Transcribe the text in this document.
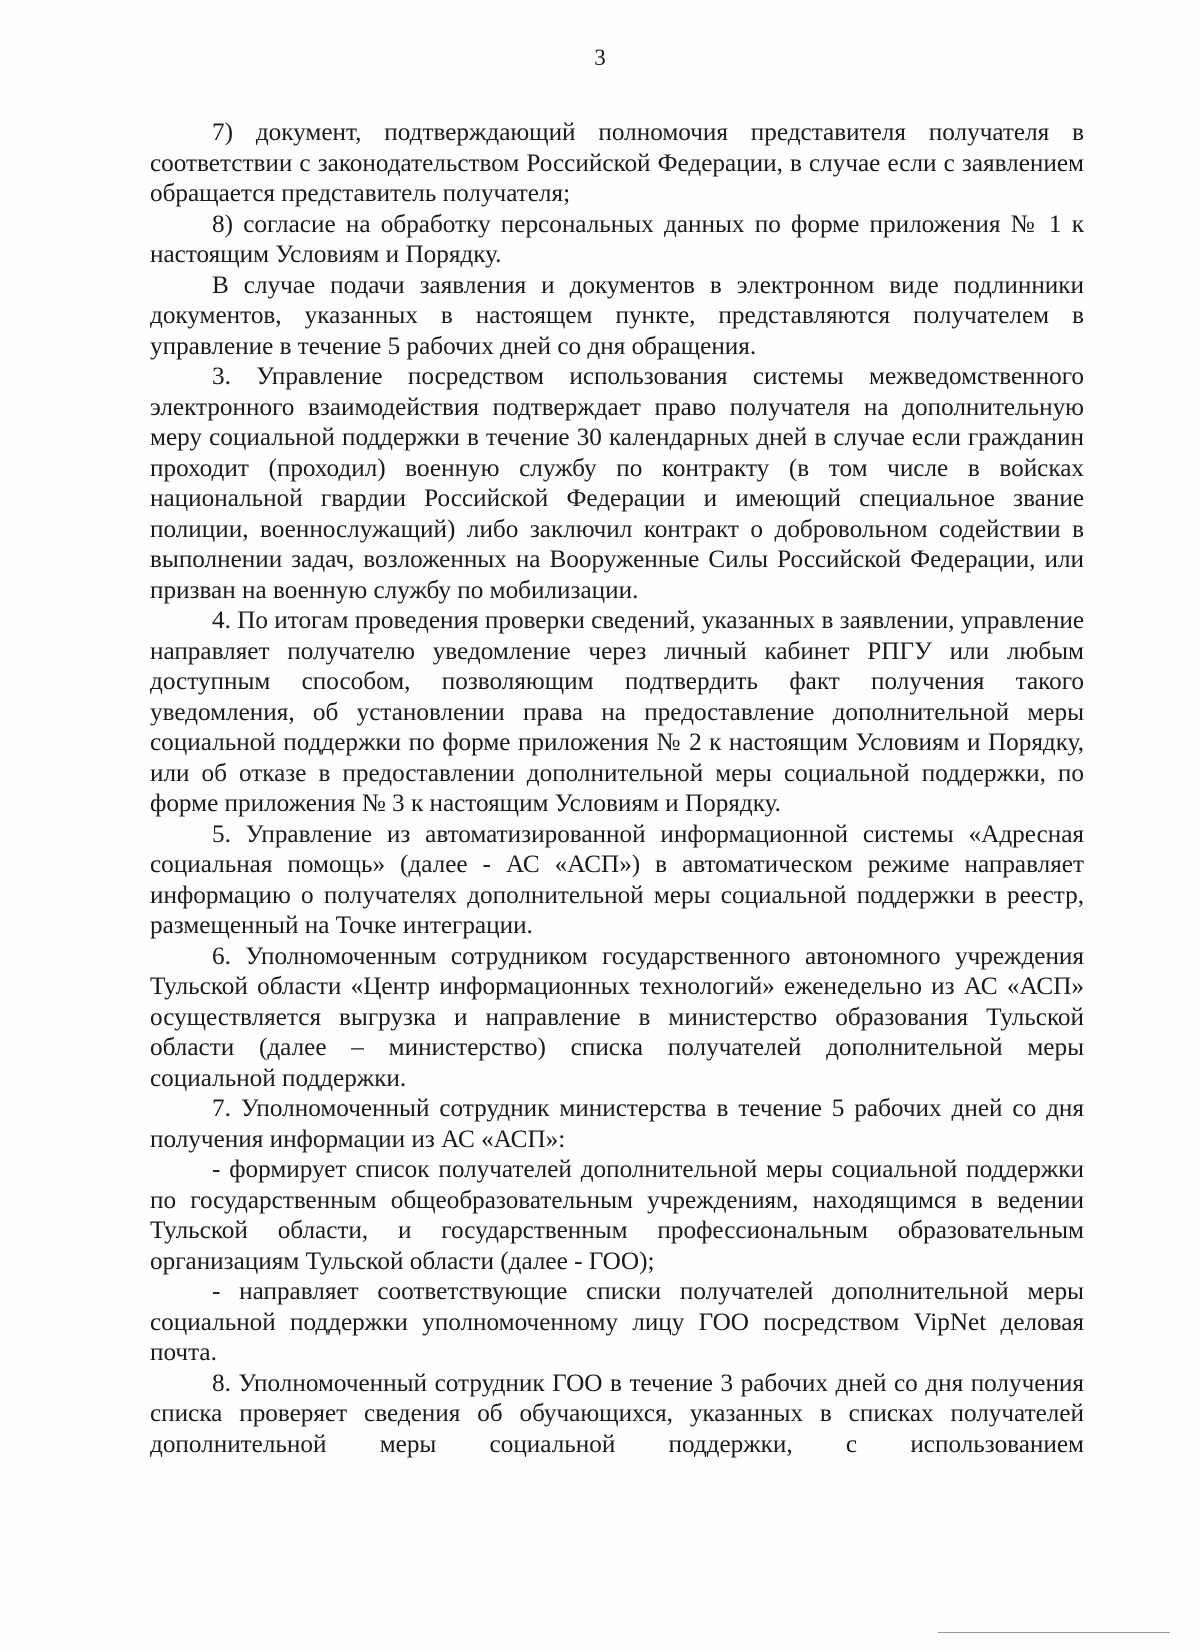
3

7) документ, подтверждающий полномочия представителя получателя в соответствии с законодательством Российской Федерации, в случае если с заявлением обращается представитель получателя;

8) согласие на обработку персональных данных по форме приложения № 1 к настоящим Условиям и Порядку.

В случае подачи заявления и документов в электронном виде подлинники документов, указанных в настоящем пункте, представляются получателем в управление в течение 5 рабочих дней со дня обращения.

3. Управление посредством использования системы межведомственного электронного взаимодействия подтверждает право получателя на дополнительную меру социальной поддержки в течение 30 календарных дней в случае если гражданин проходит (проходил) военную службу по контракту (в том числе в войсках национальной гвардии Российской Федерации и имеющий специальное звание полиции, военнослужащий) либо заключил контракт о добровольном содействии в выполнении задач, возложенных на Вооруженные Силы Российской Федерации, или призван на военную службу по мобилизации.

4. По итогам проведения проверки сведений, указанных в заявлении, управление направляет получателю уведомление через личный кабинет РПГУ или любым доступным способом, позволяющим подтвердить факт получения такого уведомления, об установлении права на предоставление дополнительной меры социальной поддержки по форме приложения № 2 к настоящим Условиям и Порядку, или об отказе в предоставлении дополнительной меры социальной поддержки, по форме приложения № 3 к настоящим Условиям и Порядку.

5. Управление из автоматизированной информационной системы «Адресная социальная помощь» (далее - АС «АСП») в автоматическом режиме направляет информацию о получателях дополнительной меры социальной поддержки в реестр, размещенный на Точке интеграции.

6. Уполномоченным сотрудником государственного автономного учреждения Тульской области «Центр информационных технологий» еженедельно из АС «АСП» осуществляется выгрузка и направление в министерство образования Тульской области (далее – министерство) списка получателей дополнительной меры социальной поддержки.

7. Уполномоченный сотрудник министерства в течение 5 рабочих дней со дня получения информации из АС «АСП»:

- формирует список получателей дополнительной меры социальной поддержки по государственным общеобразовательным учреждениям, находящимся в ведении Тульской области, и государственным профессиональным образовательным организациям Тульской области (далее - ГОО);

- направляет соответствующие списки получателей дополнительной меры социальной поддержки уполномоченному лицу ГОО посредством VipNet деловая почта.

8. Уполномоченный сотрудник ГОО в течение 3 рабочих дней со дня получения списка проверяет сведения об обучающихся, указанных в списках получателей дополнительной меры социальной поддержки, с использованием
